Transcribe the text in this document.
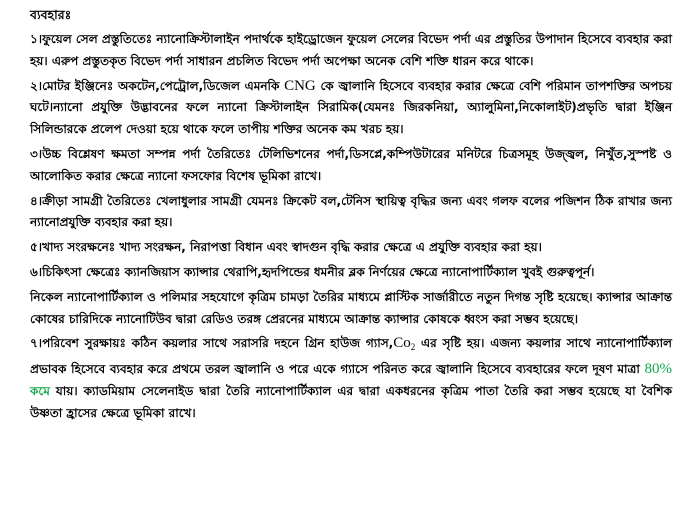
ব্যবহারঃ

১।ফুয়েল সেল প্রস্তুতিতেঃ ন্যানোক্রিস্টালাইন পদার্থকে হাইড্রোজেন ফুয়েল সেলের বিভেদ পর্দা এর প্রস্তুতির উপাদান হিসেবে ব্যবহার করা হয়। এরুপ প্রস্তুতকৃত বিভেদ পর্দা সাধারন প্রচলিত বিভেদ পর্দা অপেক্ষা অনেক বেশি শক্তি ধারন করে থাকে।

২।মোটর ইঞ্জিনেঃ অকটেন,পেট্রোল,ডিজেল এমনকি CNG কে জ্বালানি হিসেবে ব্যবহার করার ক্ষেত্রে বেশি পরিমান তাপশক্তির অপচয় ঘটে।ন্যানো প্রযুক্তি উদ্ভাবনের ফলে ন্যানো ক্রিস্টালাইন সিরামিক(যেমনঃ জিরকনিয়া, অ্যালুমিনা,নিকোলাইট)প্রভৃতি দ্বারা ইঞ্জিন সিলিন্ডারকে প্রলেপ দেওয়া হয়ে থাকে ফলে তাপীয় শক্তির অনেক কম খরচ হয়।

৩।উচ্চ বিশ্লেষণ ক্ষমতা সম্পন্ন পর্দা তৈরিতেঃ টেলিভিশনের পর্দা,ডিসপ্লে,কম্পিউটারের মনিটরে চিত্রসমূহ উজ্জ্বল, নিখুঁত,সুস্পষ্ট ও আলোকিত করার ক্ষেত্রে ন্যানো ফসফোর বিশেষ ভূমিকা রাখে।

৪।ক্রীড়া সামগ্রী তৈরিতেঃ খেলাধুলার সামগ্রী যেমনঃ ক্রিকেট বল,টেনিস স্থায়িত্ব বৃদ্ধির জন্য এবং গলফ বলের পজিশন ঠিক রাখার জন্য ন্যানোপ্রযুক্তি ব্যবহার করা হয়।

৫।খাদ্য সংরক্ষনেঃ খাদ্য সংরক্ষন, নিরাপত্তা বিধান এবং স্বাদগুন বৃদ্ধি করার ক্ষেত্রে এ প্রযুক্তি ব্যবহার করা হয়।

৬।চিকিৎসা ক্ষেত্রেঃ ক্যানজিয়াস ক্যান্সার থেরাপি,হৃদপিন্ডের ধমনীর ব্লক নির্ণয়ের ক্ষেত্রে ন্যানোপার্টিক্যাল খুবই গুরুত্বপূর্ন।

নিকেল ন্যানোপার্টিক্যাল ও পলিমার সহযোগে কৃত্রিম চামড়া তৈরির মাধ্যমে প্লাস্টিক সার্জারীতে নতুন দিগন্ত সৃষ্টি হয়েছে। ক্যান্সার আক্রান্ত কোষের চারিদিকে ন্যানোটিউব দ্বারা রেডিও তরঙ্গ প্রেরনের মাধ্যমে আক্রান্ত ক্যান্সার কোষকে ধ্বংস করা সম্ভব হয়েছে।

৭।পরিবেশ সুরক্ষায়ঃ কঠিন কয়লার সাথে সরাসরি দহনে গ্রিন হাউজ $গ্যাস,Co_2$ এর সৃষ্টি হয়। এজন্য কয়লার সাথে ন্যানোপার্টিক্যাল প্রভাবক হিসেবে ব্যবহার করে প্রথমে তরল জ্বালানি ও পরে একে গ্যাসে পরিনত করে জ্বালানি হিসেবে ব্যবহারের ফলে দূষণ মাত্রা 80% কমে যায়। ক্যাডমিয়াম সেলেনাইড দ্বারা তৈরি ন্যানোপার্টিক্যাল এর দ্বারা একধরনের কৃত্রিম পাতা তৈরি করা সম্ভব হয়েছে যা বৈশিক উষ্ণতা হ্রাসের ক্ষেত্রে ভূমিকা রাখে।
